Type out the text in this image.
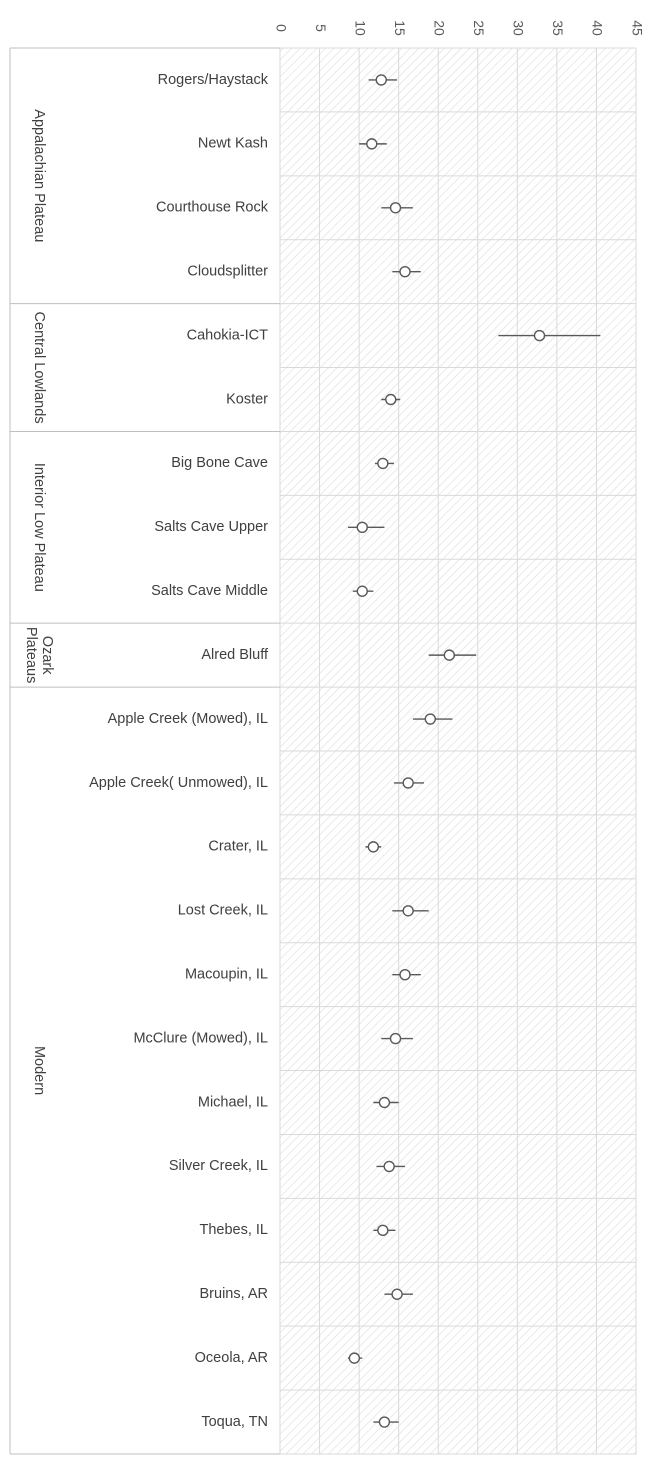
0 5 10 15 20 25 30 35 40 45
Rogers/Haystack
Newt Kash
Courthouse Rock
Cloudsplitter
Cahokia-ICT
Koster
Big Bone Cave
Salts Cave Upper
Salts Cave Middle
Alred Bluff
Apple Creek (Mowed), IL
Apple Creek( Unmowed), IL
Crater, IL
Lost Creek, IL
Macoupin, IL
McClure (Mowed), IL
Michael, IL
Silver Creek, IL
Thebes, IL
Bruins, AR
Oceola, AR
Toqua, TN
Appalachian Plateau
Central Lowlands
Interior Low Plateau
OzarkPlateaus
Modern
